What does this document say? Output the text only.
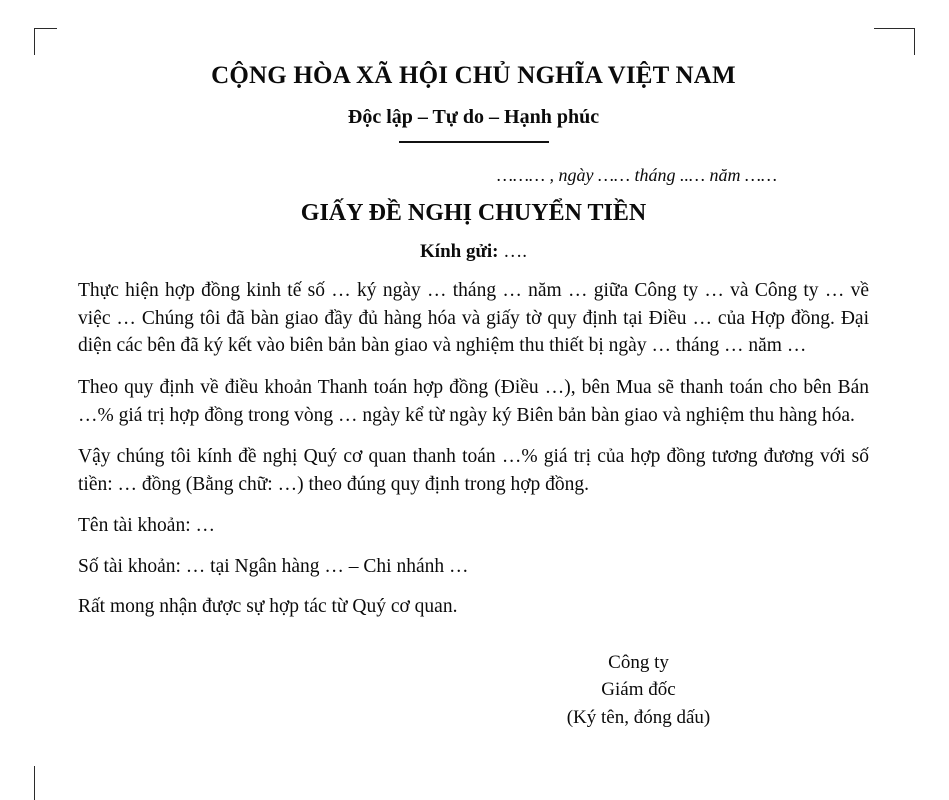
CỘNG HÒA XÃ HỘI CHỦ NGHĨA VIỆT NAM
Độc lập – Tự do – Hạnh phúc
……… , ngày …… tháng ..… năm ……
GIẤY ĐỀ NGHỊ CHUYỂN TIỀN
Kính gửi: ….

Thực hiện hợp đồng kinh tế số … ký ngày … tháng … năm … giữa Công ty … và Công ty … về việc … Chúng tôi đã bàn giao đầy đủ hàng hóa và giấy tờ quy định tại Điều … của Hợp đồng. Đại diện các bên đã ký kết vào biên bản bàn giao và nghiệm thu thiết bị ngày … tháng … năm …

Theo quy định về điều khoản Thanh toán hợp đồng (Điều …), bên Mua sẽ thanh toán cho bên Bán …% giá trị hợp đồng trong vòng … ngày kể từ ngày ký Biên bản bàn giao và nghiệm thu hàng hóa.

Vậy chúng tôi kính đề nghị Quý cơ quan thanh toán …% giá trị của hợp đồng tương đương với số tiền: … đồng (Bằng chữ: …) theo đúng quy định trong hợp đồng.

Tên tài khoản: …

Số tài khoản: … tại Ngân hàng … – Chi nhánh …

Rất mong nhận được sự hợp tác từ Quý cơ quan.

Công ty
Giám đốc
(Ký tên, đóng dấu)
